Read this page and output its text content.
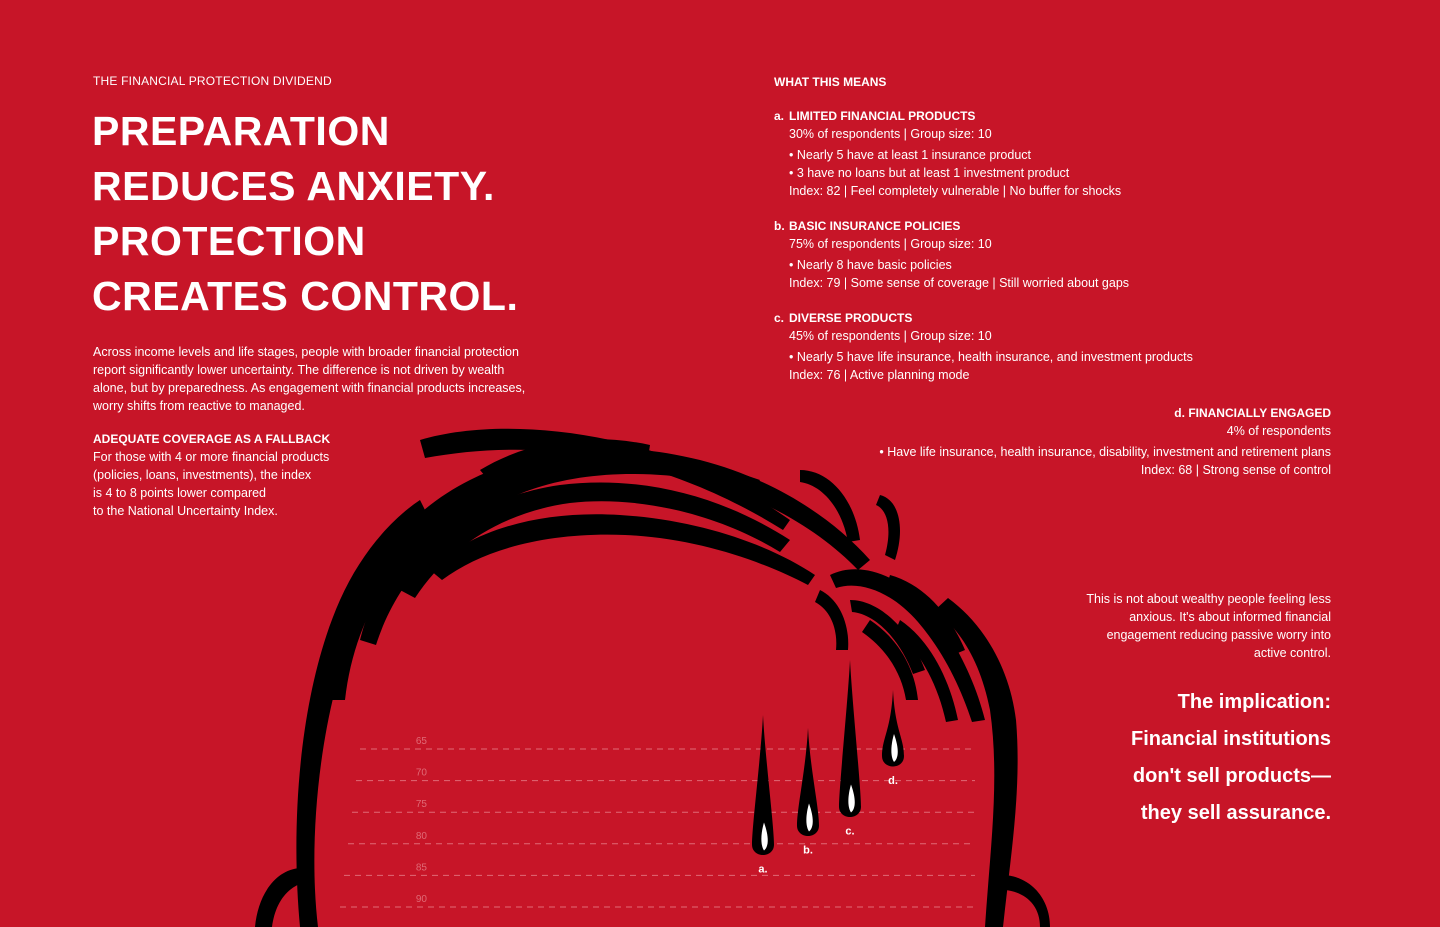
65
70
75
80
85
90
a.
b.
c.
d.
THE FINANCIAL PROTECTION DIVIDEND
PREPARATION
REDUCES ANXIETY.
PROTECTION
CREATES CONTROL.
Across income levels and life stages, people with broader financial protection report significantly lower uncertainty. The difference is not driven by wealth alone, but by preparedness. As engagement with financial products increases, worry shifts from reactive to managed.
ADEQUATE COVERAGE AS A FALLBACK
For those with 4 or more financial products
(policies, loans, investments), the index
is 4 to 8 points lower compared
to the National Uncertainty Index.
WHAT THIS MEANS
a. LIMITED FINANCIAL PRODUCTS
30% of respondents | Group size: 10
• Nearly 5 have at least 1 insurance product
• 3 have no loans but at least 1 investment product
Index: 82 | Feel completely vulnerable | No buffer for shocks
b. BASIC INSURANCE POLICIES
75% of respondents | Group size: 10
• Nearly 8 have basic policies
Index: 79 | Some sense of coverage | Still worried about gaps
c. DIVERSE PRODUCTS
45% of respondents | Group size: 10
• Nearly 5 have life insurance, health insurance, and investment products
Index: 76 | Active planning mode
d. FINANCIALLY ENGAGED
4% of respondents
• Have life insurance, health insurance, disability, investment and retirement plans
Index: 68 | Strong sense of control
This is not about wealthy people feeling less anxious. It's about informed financial engagement reducing passive worry into active control.
The implication:
Financial institutions
don't sell products—
they sell assurance.
